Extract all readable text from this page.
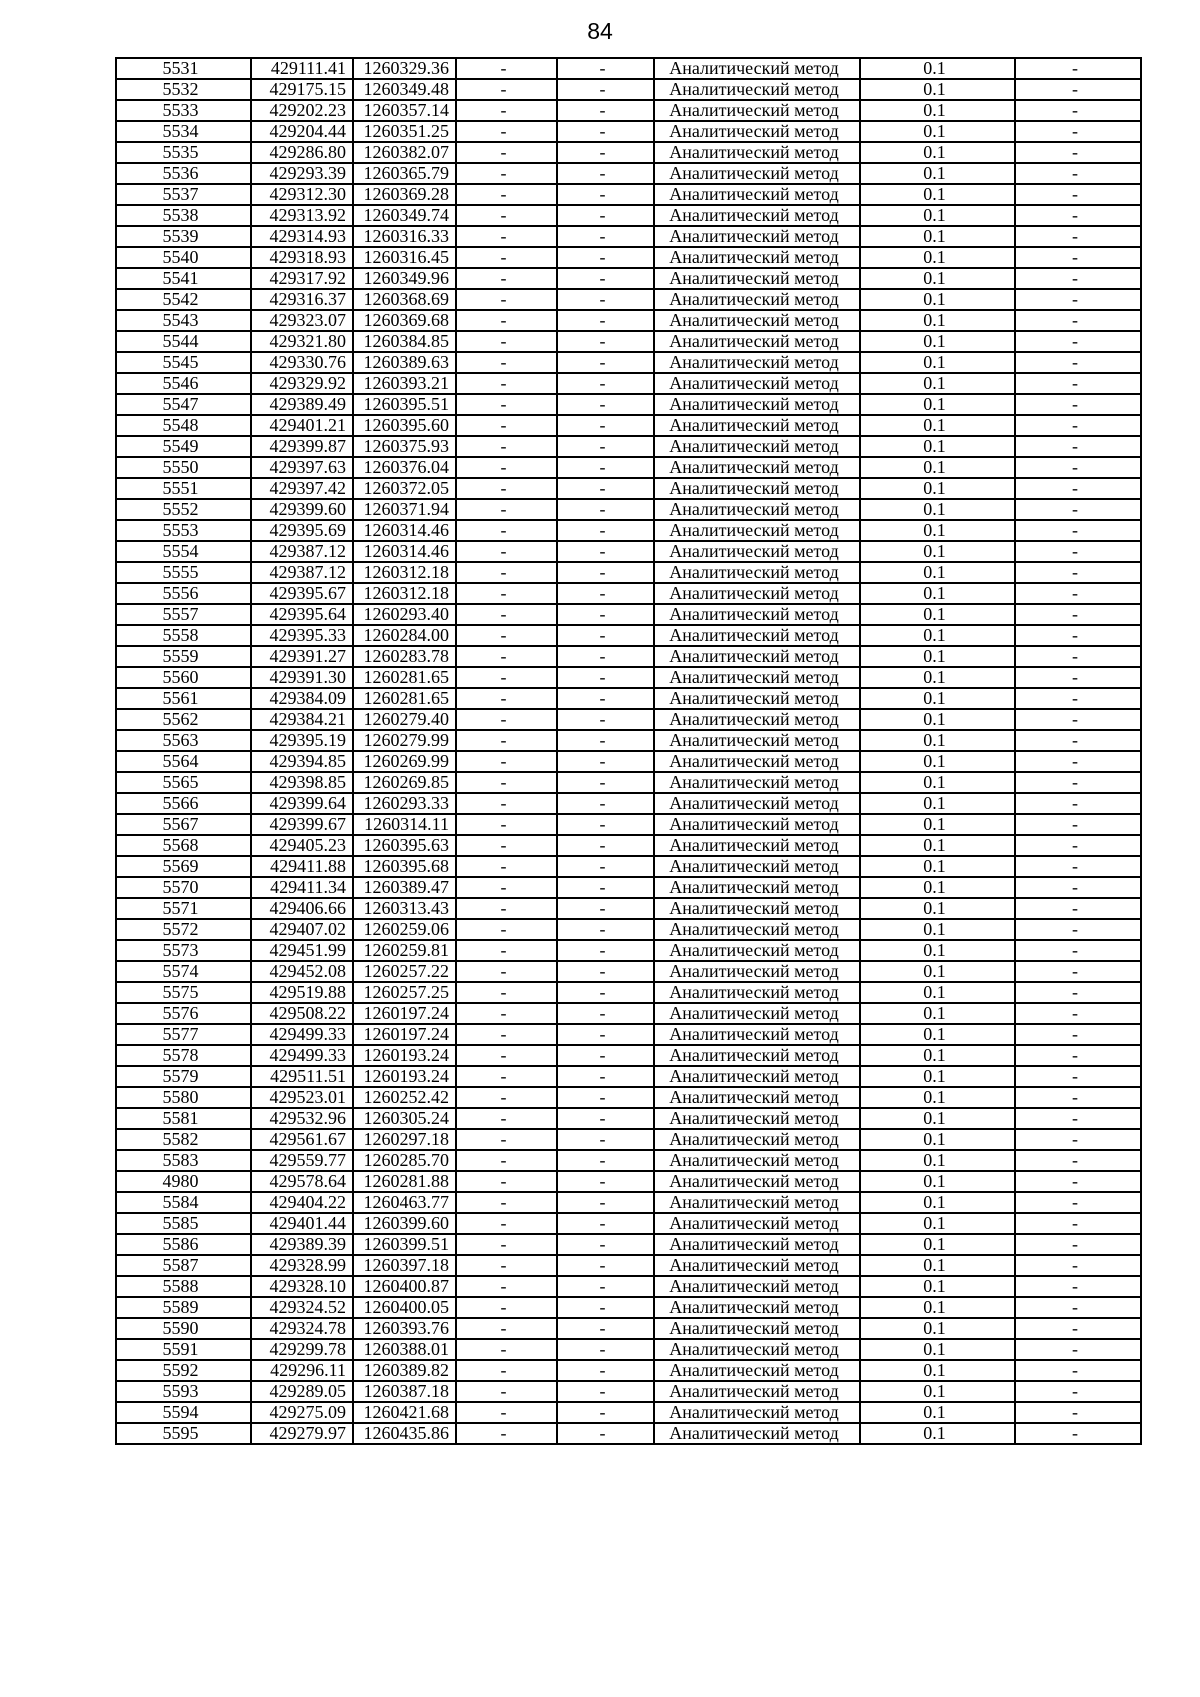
84
5531	429111.41	1260329.36	-	-	Аналитический метод	0.1	-
5532	429175.15	1260349.48	-	-	Аналитический метод	0.1	-
5533	429202.23	1260357.14	-	-	Аналитический метод	0.1	-
5534	429204.44	1260351.25	-	-	Аналитический метод	0.1	-
5535	429286.80	1260382.07	-	-	Аналитический метод	0.1	-
5536	429293.39	1260365.79	-	-	Аналитический метод	0.1	-
5537	429312.30	1260369.28	-	-	Аналитический метод	0.1	-
5538	429313.92	1260349.74	-	-	Аналитический метод	0.1	-
5539	429314.93	1260316.33	-	-	Аналитический метод	0.1	-
5540	429318.93	1260316.45	-	-	Аналитический метод	0.1	-
5541	429317.92	1260349.96	-	-	Аналитический метод	0.1	-
5542	429316.37	1260368.69	-	-	Аналитический метод	0.1	-
5543	429323.07	1260369.68	-	-	Аналитический метод	0.1	-
5544	429321.80	1260384.85	-	-	Аналитический метод	0.1	-
5545	429330.76	1260389.63	-	-	Аналитический метод	0.1	-
5546	429329.92	1260393.21	-	-	Аналитический метод	0.1	-
5547	429389.49	1260395.51	-	-	Аналитический метод	0.1	-
5548	429401.21	1260395.60	-	-	Аналитический метод	0.1	-
5549	429399.87	1260375.93	-	-	Аналитический метод	0.1	-
5550	429397.63	1260376.04	-	-	Аналитический метод	0.1	-
5551	429397.42	1260372.05	-	-	Аналитический метод	0.1	-
5552	429399.60	1260371.94	-	-	Аналитический метод	0.1	-
5553	429395.69	1260314.46	-	-	Аналитический метод	0.1	-
5554	429387.12	1260314.46	-	-	Аналитический метод	0.1	-
5555	429387.12	1260312.18	-	-	Аналитический метод	0.1	-
5556	429395.67	1260312.18	-	-	Аналитический метод	0.1	-
5557	429395.64	1260293.40	-	-	Аналитический метод	0.1	-
5558	429395.33	1260284.00	-	-	Аналитический метод	0.1	-
5559	429391.27	1260283.78	-	-	Аналитический метод	0.1	-
5560	429391.30	1260281.65	-	-	Аналитический метод	0.1	-
5561	429384.09	1260281.65	-	-	Аналитический метод	0.1	-
5562	429384.21	1260279.40	-	-	Аналитический метод	0.1	-
5563	429395.19	1260279.99	-	-	Аналитический метод	0.1	-
5564	429394.85	1260269.99	-	-	Аналитический метод	0.1	-
5565	429398.85	1260269.85	-	-	Аналитический метод	0.1	-
5566	429399.64	1260293.33	-	-	Аналитический метод	0.1	-
5567	429399.67	1260314.11	-	-	Аналитический метод	0.1	-
5568	429405.23	1260395.63	-	-	Аналитический метод	0.1	-
5569	429411.88	1260395.68	-	-	Аналитический метод	0.1	-
5570	429411.34	1260389.47	-	-	Аналитический метод	0.1	-
5571	429406.66	1260313.43	-	-	Аналитический метод	0.1	-
5572	429407.02	1260259.06	-	-	Аналитический метод	0.1	-
5573	429451.99	1260259.81	-	-	Аналитический метод	0.1	-
5574	429452.08	1260257.22	-	-	Аналитический метод	0.1	-
5575	429519.88	1260257.25	-	-	Аналитический метод	0.1	-
5576	429508.22	1260197.24	-	-	Аналитический метод	0.1	-
5577	429499.33	1260197.24	-	-	Аналитический метод	0.1	-
5578	429499.33	1260193.24	-	-	Аналитический метод	0.1	-
5579	429511.51	1260193.24	-	-	Аналитический метод	0.1	-
5580	429523.01	1260252.42	-	-	Аналитический метод	0.1	-
5581	429532.96	1260305.24	-	-	Аналитический метод	0.1	-
5582	429561.67	1260297.18	-	-	Аналитический метод	0.1	-
5583	429559.77	1260285.70	-	-	Аналитический метод	0.1	-
4980	429578.64	1260281.88	-	-	Аналитический метод	0.1	-
5584	429404.22	1260463.77	-	-	Аналитический метод	0.1	-
5585	429401.44	1260399.60	-	-	Аналитический метод	0.1	-
5586	429389.39	1260399.51	-	-	Аналитический метод	0.1	-
5587	429328.99	1260397.18	-	-	Аналитический метод	0.1	-
5588	429328.10	1260400.87	-	-	Аналитический метод	0.1	-
5589	429324.52	1260400.05	-	-	Аналитический метод	0.1	-
5590	429324.78	1260393.76	-	-	Аналитический метод	0.1	-
5591	429299.78	1260388.01	-	-	Аналитический метод	0.1	-
5592	429296.11	1260389.82	-	-	Аналитический метод	0.1	-
5593	429289.05	1260387.18	-	-	Аналитический метод	0.1	-
5594	429275.09	1260421.68	-	-	Аналитический метод	0.1	-
5595	429279.97	1260435.86	-	-	Аналитический метод	0.1	-
